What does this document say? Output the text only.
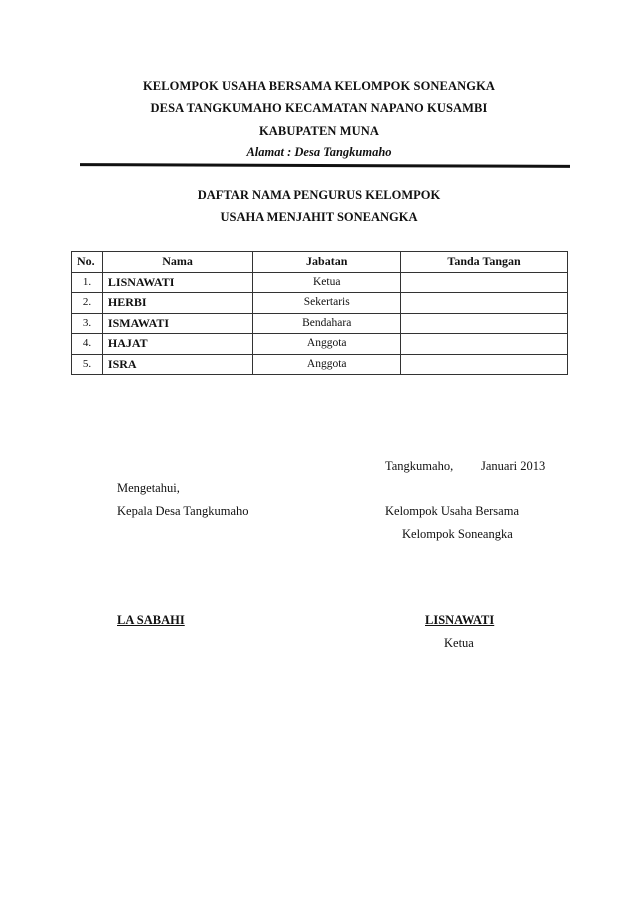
KELOMPOK USAHA BERSAMA KELOMPOK SONEANGKA
DESA TANGKUMAHO KECAMATAN NAPANO KUSAMBI
KABUPATEN MUNA
Alamat : Desa Tangkumaho
DAFTAR NAMA PENGURUS KELOMPOK
USAHA MENJAHIT SONEANGKA
No.	Nama	Jabatan	Tanda Tangan
1.	LISNAWATI	Ketua	
2.	HERBI	Sekertaris	
3.	ISMAWATI	Bendahara	
4.	HAJAT	Anggota	
5.	ISRA	Anggota	
Tangkumaho, Januari 2013
Mengetahui,
Kepala Desa Tangkumaho	Kelompok Usaha Bersama
Kelompok Soneangka
LA SABAHI	LISNAWATI
Ketua
